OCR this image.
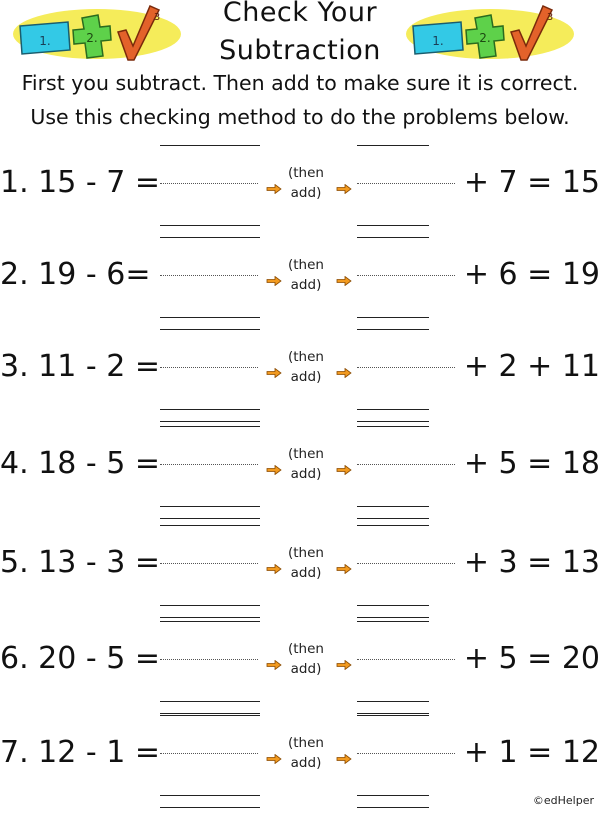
1.	2.
3
1.	2.
3
Check Your
Subtraction
First you subtract. Then add to make sure it is correct.
Use this checking method to do the problems below.
1. 15 - 7 =	+ 7 = 15
(then
add)
2. 19 - 6=	+ 6 = 19
(then
add)
3. 11 - 2 =	+ 2 + 11
(then
add)
4. 18 - 5 =	+ 5 = 18
(then
add)
5. 13 - 3 =	+ 3 = 13
(then
add)
6. 20 - 5 =	+ 5 = 20
(then
add)
7. 12 - 1 =	+ 1 = 12
(then
add)
©edHelper
